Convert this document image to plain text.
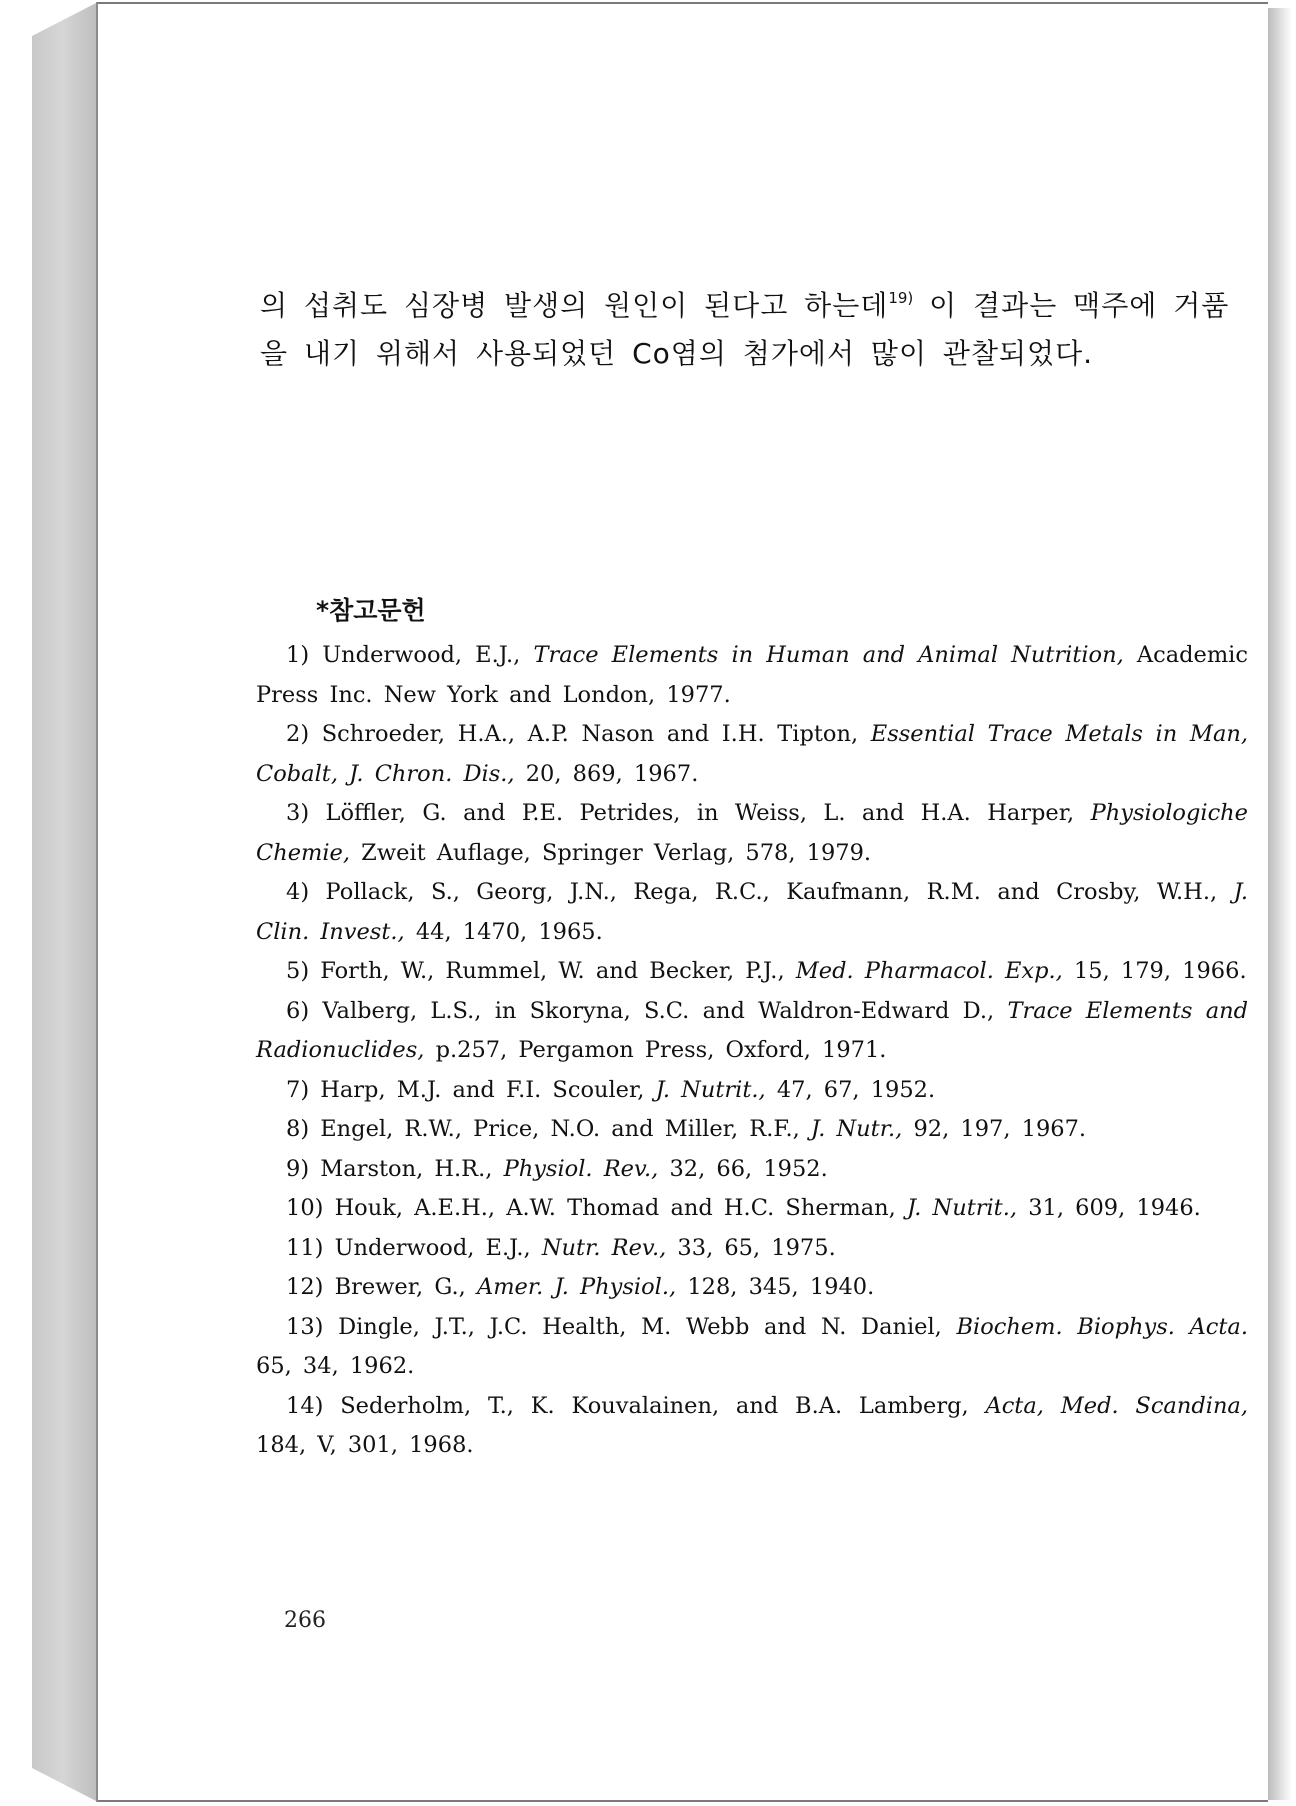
의 섭취도 심장병 발생의 원인이 된다고 하는데$^{19)}$ 이 결과는 맥주에 거품을 내기 위해서 사용되었던 Co염의 첨가에서 많이 관찰되었다.

*참고문헌
1) Underwood, E.J., Trace Elements in Human and Animal Nutrition, Academic Press Inc. New York and London, 1977.
2) Schroeder, H.A., A.P. Nason and I.H. Tipton, Essential Trace Metals in Man, Cobalt, J. Chron. Dis., 20, 869, 1967.
3) Löffler, G. and P.E. Petrides, in Weiss, L. and H.A. Harper, Physiologiche Chemie, Zweit Auflage, Springer Verlag, 578, 1979.
4) Pollack, S., Georg, J.N., Rega, R.C., Kaufmann, R.M. and Crosby, W.H., J. Clin. Invest., 44, 1470, 1965.
5) Forth, W., Rummel, W. and Becker, P.J., Med. Pharmacol. Exp., 15, 179, 1966.
6) Valberg, L.S., in Skoryna, S.C. and Waldron-Edward D., Trace Elements and Radionuclides, p.257, Pergamon Press, Oxford, 1971.
7) Harp, M.J. and F.I. Scouler, J. Nutrit., 47, 67, 1952.
8) Engel, R.W., Price, N.O. and Miller, R.F., J. Nutr., 92, 197, 1967.
9) Marston, H.R., Physiol. Rev., 32, 66, 1952.
10) Houk, A.E.H., A.W. Thomad and H.C. Sherman, J. Nutrit., 31, 609, 1946.
11) Underwood, E.J., Nutr. Rev., 33, 65, 1975.
12) Brewer, G., Amer. J. Physiol., 128, 345, 1940.
13) Dingle, J.T., J.C. Health, M. Webb and N. Daniel, Biochem. Biophys. Acta. 65, 34, 1962.
14) Sederholm, T., K. Kouvalainen, and B.A. Lamberg, Acta, Med. Scandina, 184, V, 301, 1968.

266
